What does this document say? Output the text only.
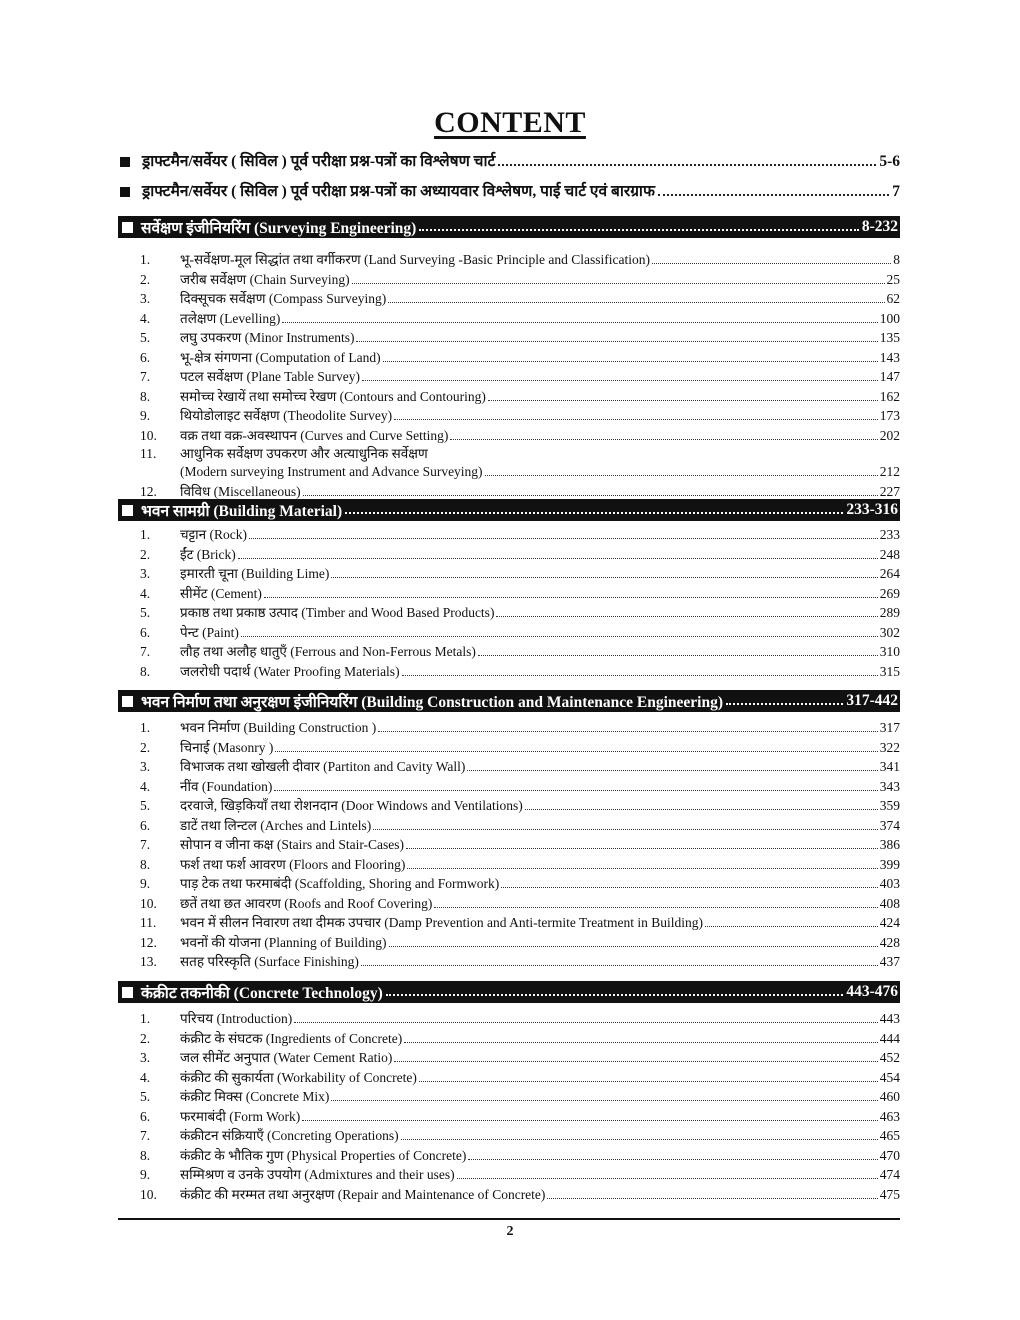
CONTENT
ड्राफ्टमैन/सर्वेयर ( सिविल ) पूर्व परीक्षा प्रश्न-पत्रों का विश्लेषण चार्ट	5-6
ड्राफ्टमैन/सर्वेयर ( सिविल ) पूर्व परीक्षा प्रश्न-पत्रों का अध्यायवार विश्लेषण, पाई चार्ट एवं बारग्राफ	7
सर्वेक्षण इंजीनियरिंग (Surveying Engineering)	8-232
1.	भू-सर्वेक्षण-मूल सिद्धांत तथा वर्गीकरण (Land Surveying -Basic Principle and Classification)	8
2.	जरीब सर्वेक्षण (Chain Surveying)	25
3.	दिक्सूचक सर्वेक्षण (Compass Surveying)	62
4.	तलेक्षण (Levelling)	100
5.	लघु उपकरण (Minor Instruments)	135
6.	भू-क्षेत्र संगणना (Computation of Land)	143
7.	पटल सर्वेक्षण (Plane Table Survey)	147
8.	समोच्च रेखायें तथा समोच्च रेखण (Contours and Contouring)	162
9.	थियोडोलाइट सर्वेक्षण (Theodolite Survey)	173
10.	वक्र तथा वक्र-अवस्थापन (Curves and Curve Setting)	202
11.	आधुनिक सर्वेक्षण उपकरण और अत्याधुनिक सर्वेक्षण
(Modern surveying Instrument and Advance Surveying)	212
12.	विविध (Miscellaneous)	227
भवन सामग्री (Building Material)	233-316
1.	चट्टान (Rock)	233
2.	ईंट (Brick)	248
3.	इमारती चूना (Building Lime)	264
4.	सीमेंट (Cement)	269
5.	प्रकाष्ठ तथा प्रकाष्ठ उत्पाद (Timber and Wood Based Products)	289
6.	पेन्ट (Paint)	302
7.	लौह तथा अलौह धातुएँ (Ferrous and Non-Ferrous Metals)	310
8.	जलरोधी पदार्थ (Water Proofing Materials)	315
भवन निर्माण तथा अनुरक्षण इंजीनियरिंग (Building Construction and Maintenance Engineering)	317-442
1.	भवन निर्माण (Building Construction )	317
2.	चिनाई (Masonry )	322
3.	विभाजक तथा खोखली दीवार (Partiton and Cavity Wall)	341
4.	नींव (Foundation)	343
5.	दरवाजे, खिड़कियाँ तथा रोशनदान (Door Windows and Ventilations)	359
6.	डाटें तथा लिन्टल (Arches and Lintels)	374
7.	सोपान व जीना कक्ष (Stairs and Stair-Cases)	386
8.	फर्श तथा फर्श आवरण (Floors and Flooring)	399
9.	पाड़ टेक तथा फरमाबंदी (Scaffolding, Shoring and Formwork)	403
10.	छतें तथा छत आवरण (Roofs and Roof Covering)	408
11.	भवन में सीलन निवारण तथा दीमक उपचार (Damp Prevention and Anti-termite Treatment in Building)	424
12.	भवनों की योजना (Planning of Building)	428
13.	सतह परिस्कृति (Surface Finishing)	437
कंक्रीट तकनीकी (Concrete Technology)	443-476
1.	परिचय (Introduction)	443
2.	कंक्रीट के संघटक (Ingredients of Concrete)	444
3.	जल सीमेंट अनुपात (Water Cement Ratio)	452
4.	कंक्रीट की सुकार्यता (Workability of Concrete)	454
5.	कंक्रीट मिक्स (Concrete Mix)	460
6.	फरमाबंदी (Form Work)	463
7.	कंक्रीटन संक्रियाएँ (Concreting Operations)	465
8.	कंक्रीट के भौतिक गुण (Physical Properties of Concrete)	470
9.	सम्मिश्रण व उनके उपयोग (Admixtures and their uses)	474
10.	कंक्रीट की मरम्मत तथा अनुरक्षण (Repair and Maintenance of Concrete)	475
2
